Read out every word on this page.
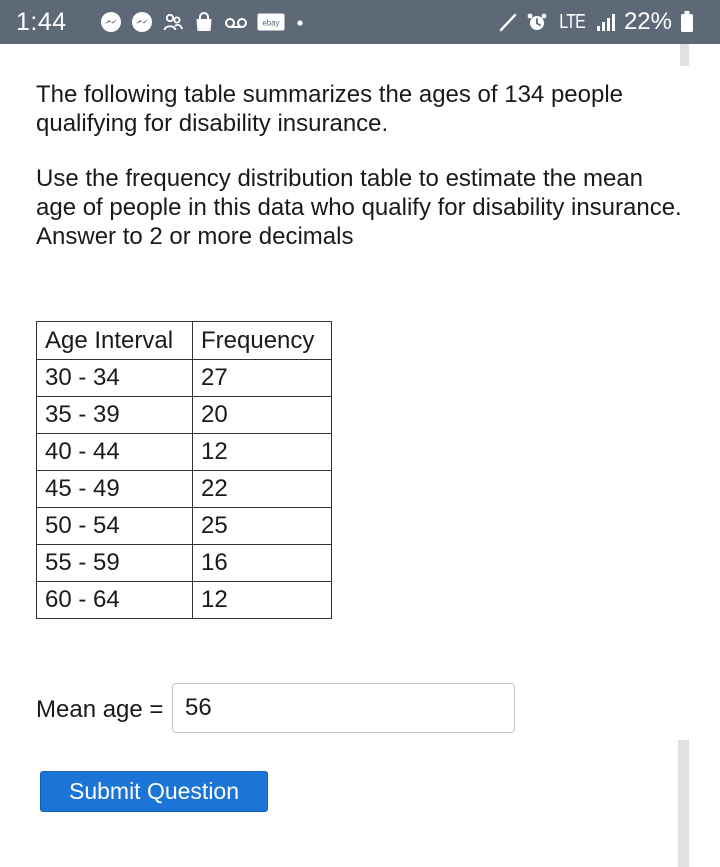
1:44	ebay	LTE 22%

The following table summarizes the ages of 134 people qualifying for disability insurance.

Use the frequency distribution table to estimate the mean age of people in this data who qualify for disability insurance. Answer to 2 or more decimals

Age Interval	Frequency
30 - 34	27
35 - 39	20
40 - 44	12
45 - 49	22
50 - 54	25
55 - 59	16
60 - 64	12
Mean age =
56
Submit Question
